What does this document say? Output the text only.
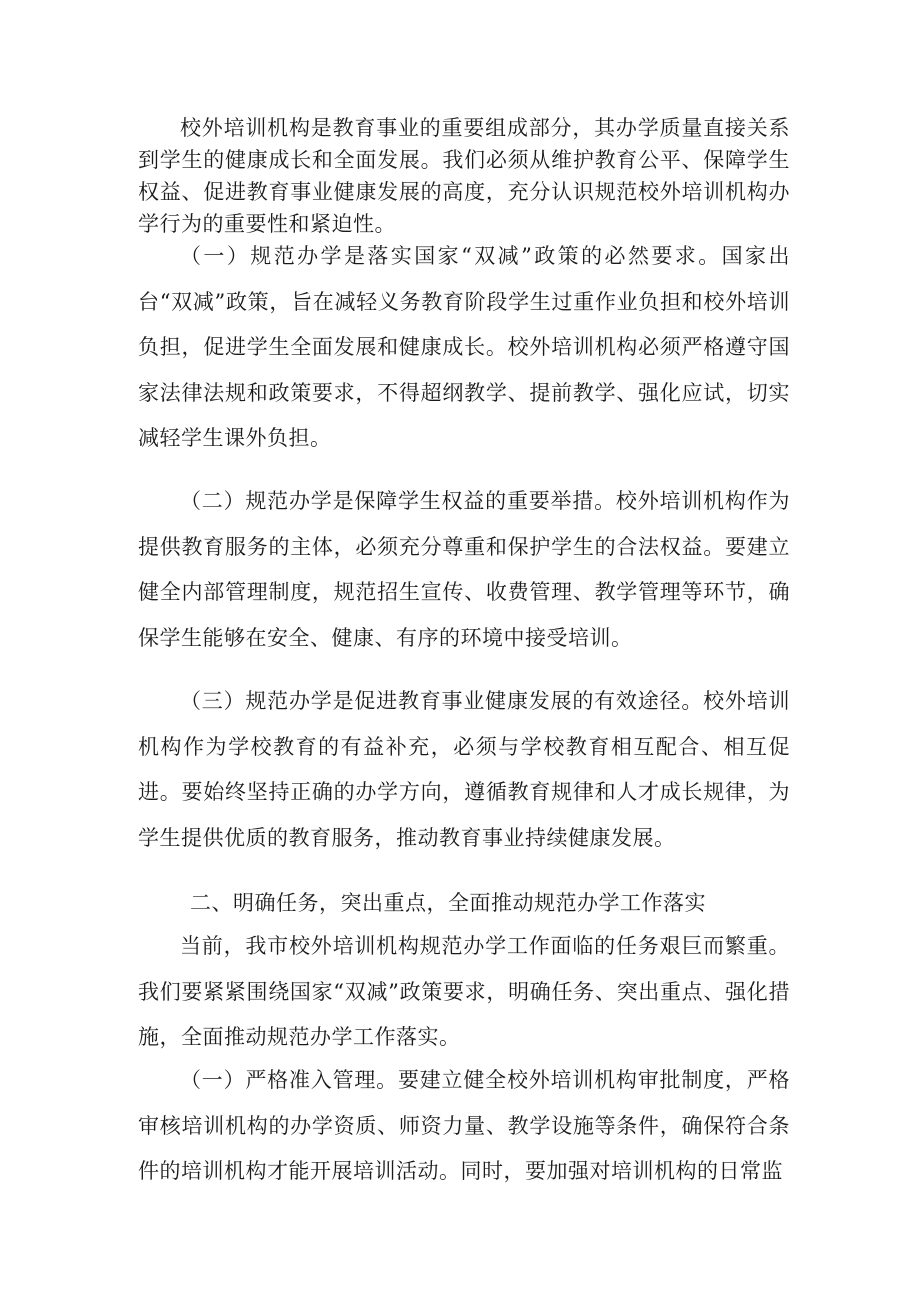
校外培训机构是教育事业的重要组成部分，其办学质量直接关系到学生的健康成长和全面发展。我们必须从维护教育公平、保障学生权益、促进教育事业健康发展的高度，充分认识规范校外培训机构办学行为的重要性和紧迫性。

（一）规范办学是落实国家“双减”政策的必然要求。国家出台“双减”政策，旨在减轻义务教育阶段学生过重作业负担和校外培训负担，促进学生全面发展和健康成长。校外培训机构必须严格遵守国家法律法规和政策要求，不得超纲教学、提前教学、强化应试，切实减轻学生课外负担。

（二）规范办学是保障学生权益的重要举措。校外培训机构作为提供教育服务的主体，必须充分尊重和保护学生的合法权益。要建立健全内部管理制度，规范招生宣传、收费管理、教学管理等环节，确保学生能够在安全、健康、有序的环境中接受培训。

（三）规范办学是促进教育事业健康发展的有效途径。校外培训机构作为学校教育的有益补充，必须与学校教育相互配合、相互促进。要始终坚持正确的办学方向，遵循教育规律和人才成长规律，为学生提供优质的教育服务，推动教育事业持续健康发展。

二、明确任务，突出重点，全面推动规范办学工作落实

当前，我市校外培训机构规范办学工作面临的任务艰巨而繁重。我们要紧紧围绕国家“双减”政策要求，明确任务、突出重点、强化措施，全面推动规范办学工作落实。

（一）严格准入管理。要建立健全校外培训机构审批制度，严格审核培训机构的办学资质、师资力量、教学设施等条件，确保符合条件的培训机构才能开展培训活动。同时，要加强对培训机构的日常监
